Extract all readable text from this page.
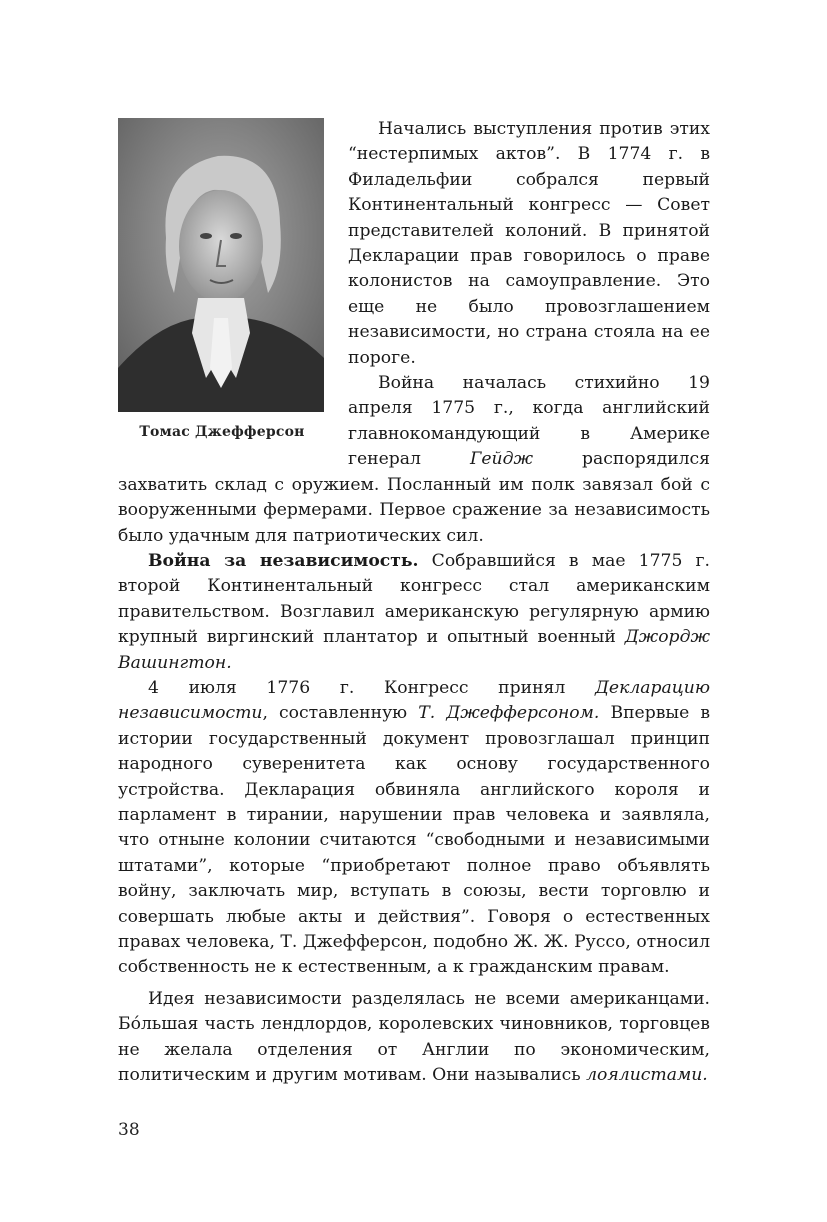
Томас Джефферсон

Начались выступления против этих “нестерпимых актов”. В 1774 г. в Филадельфии собрался первый Континентальный конгресс — Совет представителей колоний. В принятой Декларации прав говорилось о праве колонистов на самоуправление. Это еще не было провозглашением независимости, но страна стояла на ее пороге.

Война началась стихийно 19 апреля 1775 г., когда английский главнокомандующий в Америке генерал Гейдж распорядился захватить склад с оружием. Посланный им полк завязал бой с вооруженными фермерами. Первое сражение за независимость было удачным для патриотических сил.

Война за независимость. Собравшийся в мае 1775 г. второй Континентальный конгресс стал американским правительством. Возглавил американскую регулярную армию крупный виргинский плантатор и опытный военный Джордж Вашингтон.

4 июля 1776 г. Конгресс принял Декларацию независимости, составленную Т. Джефферсоном. Впервые в истории государственный документ провозглашал принцип народного суверенитета как основу государственного устройства. Декларация обвиняла английского короля и парламент в тирании, нарушении прав человека и заявляла, что отныне колонии считаются “свободными и независимыми штатами”, которые “приобретают полное право объявлять войну, заключать мир, вступать в союзы, вести торговлю и совершать любые акты и действия”. Говоря о естественных правах человека, Т. Джефферсон, подобно Ж. Ж. Руссо, относил собственность не к естественным, а к гражданским правам.

Идея независимости разделялась не всеми американцами. Бо́льшая часть лендлордов, королевских чиновников, торговцев не желала отделения от Англии по экономическим, политическим и другим мотивам. Они назывались лоялистами.

38
